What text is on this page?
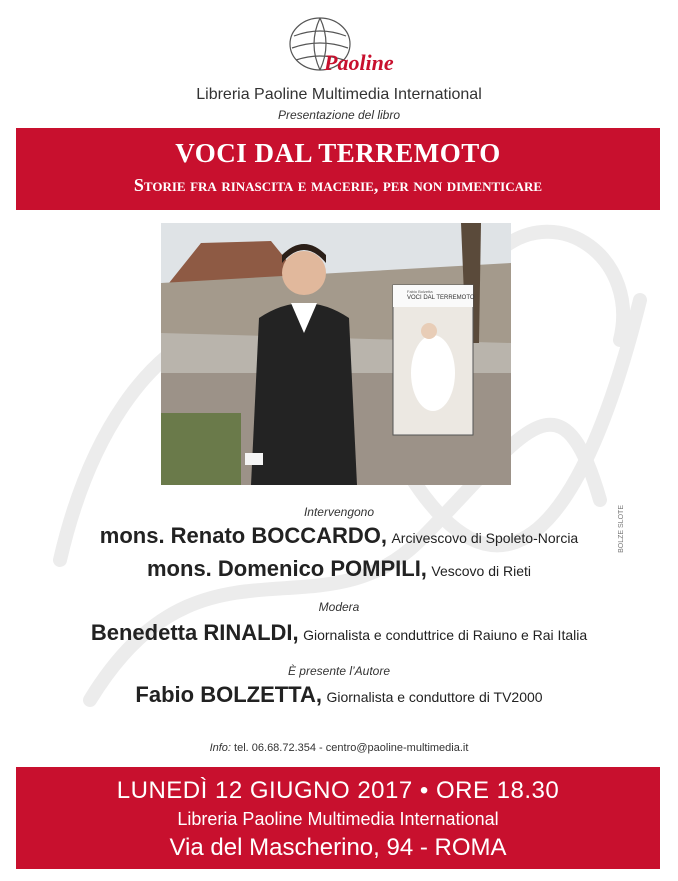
Paoline
Libreria Paoline Multimedia International
Presentazione del libro
VOCI DAL TERREMOTO
Storie fra rinascita e macerie, per non dimenticare
VOCI DAL TERREMOTO
Fabio Bolzetta
BOLZE SLOTE
Intervengono
mons. Renato BOCCARDO, Arcivescovo di Spoleto-Norcia
mons. Domenico POMPILI, Vescovo di Rieti
Modera
Benedetta RINALDI, Giornalista e conduttrice di Raiuno e Rai Italia
È presente l’Autore
Fabio BOLZETTA, Giornalista e conduttore di TV2000
Info: tel. 06.68.72.354 - centro@paoline-multimedia.it
LUNEDÌ 12 GIUGNO 2017 • ORE 18.30
Libreria Paoline Multimedia International
Via del Mascherino, 94 - ROMA
